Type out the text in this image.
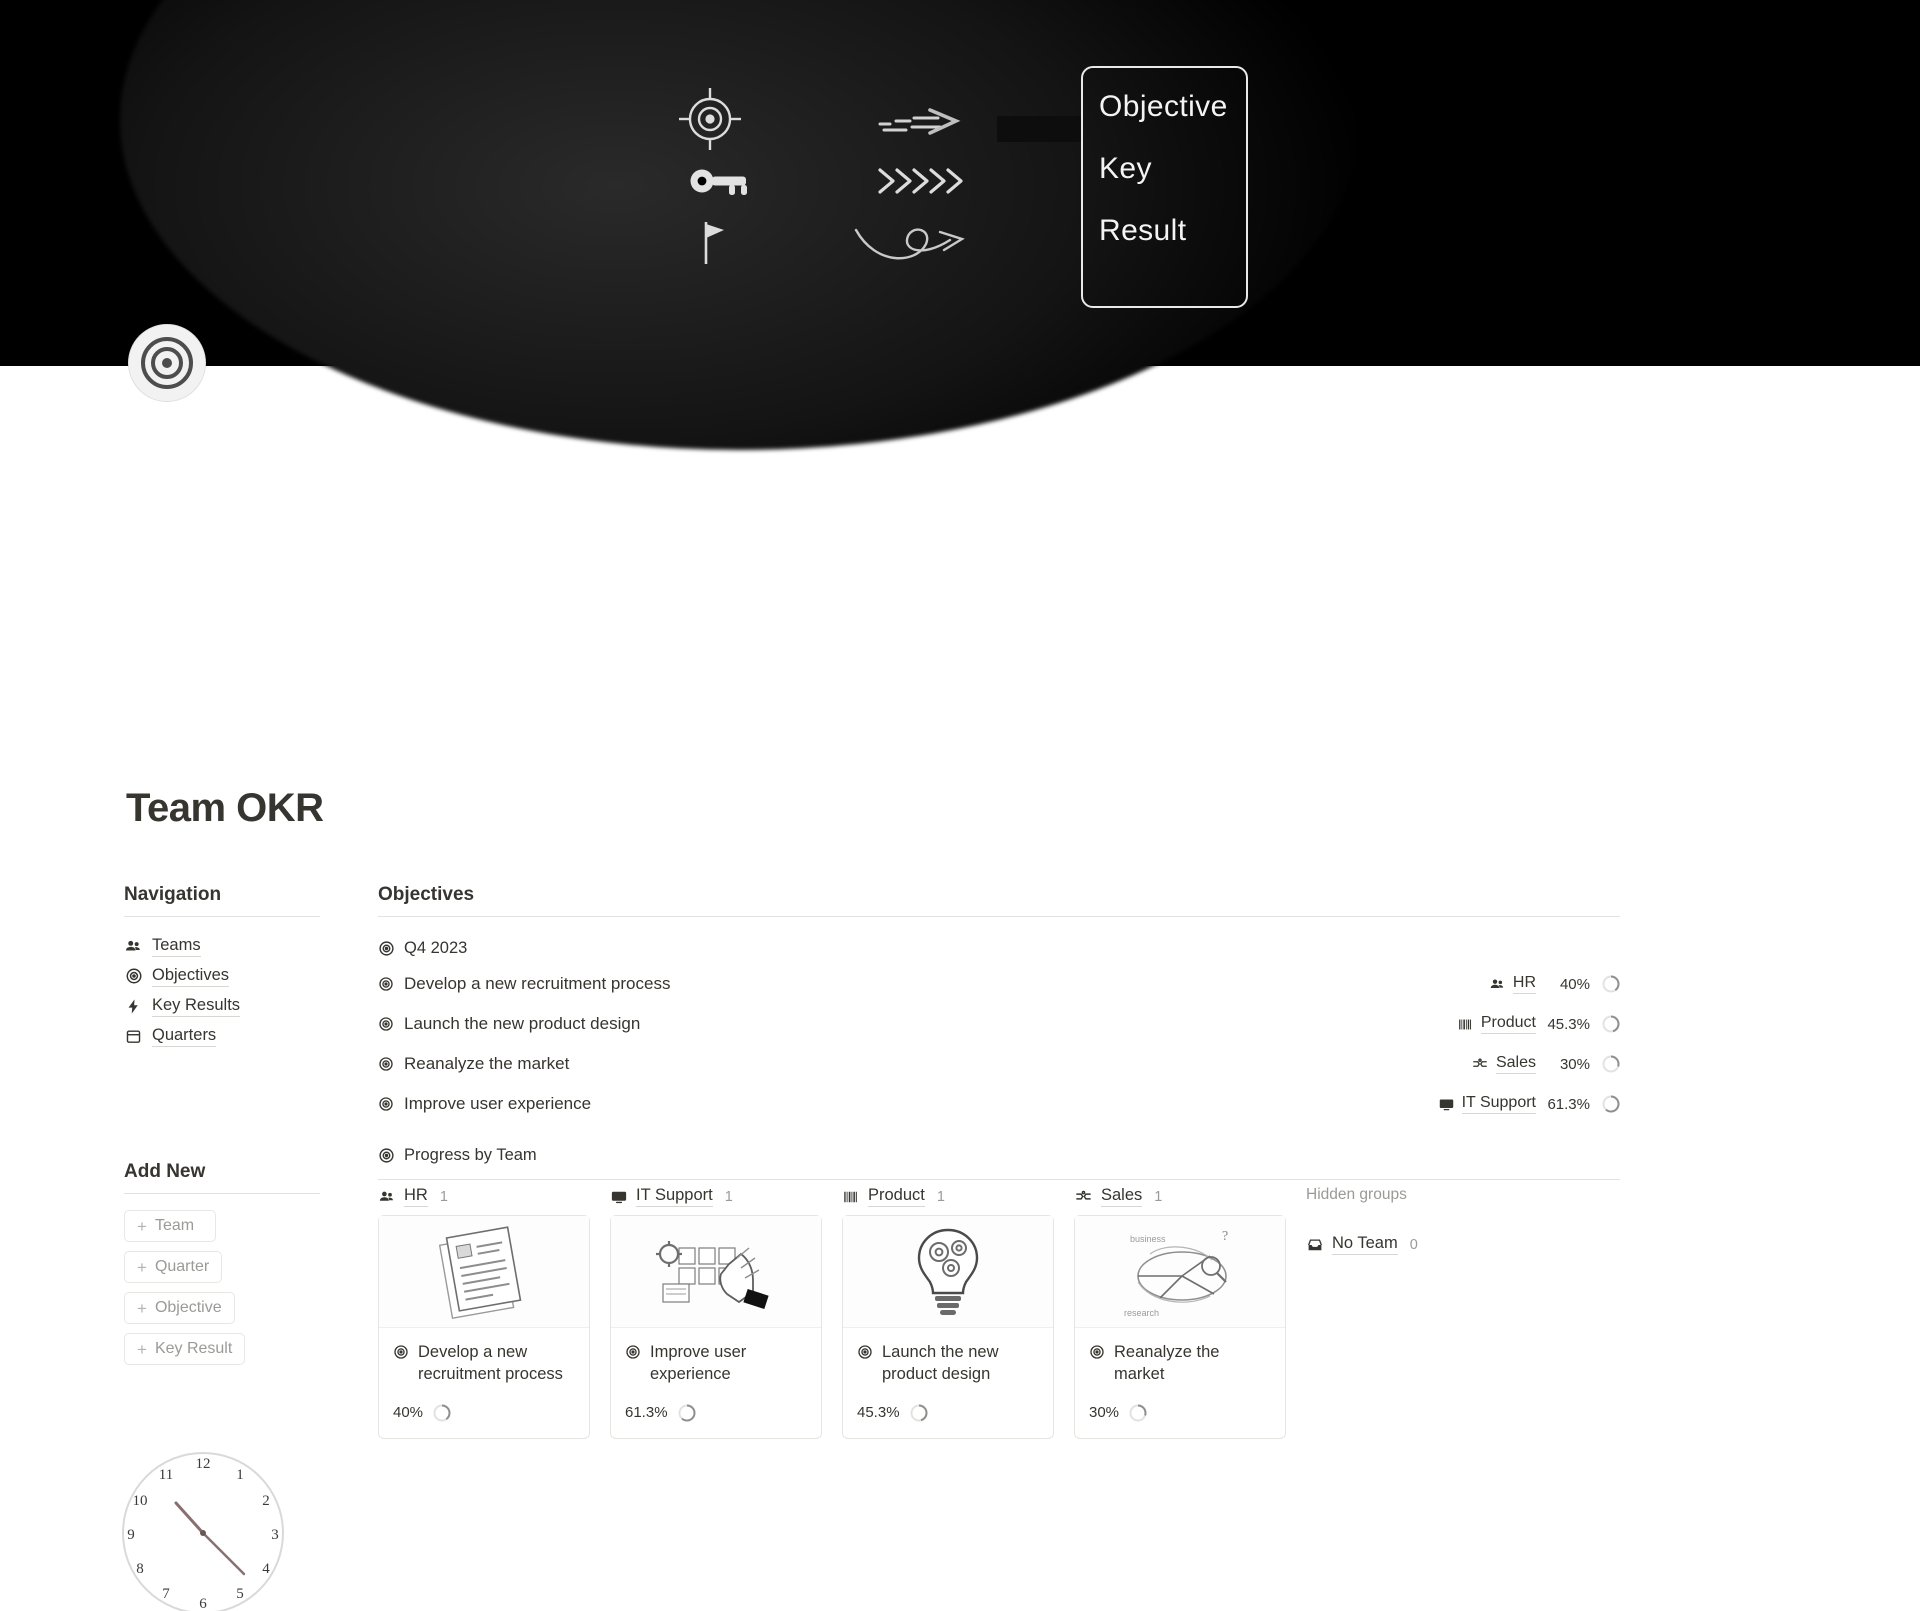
Objective
Key
Result
Team OKR
Navigation
Teams
Objectives
Key Results
Quarters
Add New
+ Team
+ Quarter
+ Objective
+ Key Result
12
1
2
3
4
5
6
7
8
9
10
11
Objectives
Q4 2023
Develop a new recruitment process	HR	40%
Launch the new product design	Product 45.3%
Reanalyze the market	Sales	30%
Improve user experience	IT Support 61.3%
Progress by Team
HR 1
Develop a new recruitment process
40%
IT Support 1
Improve user experience
61.3%
Product 1
Launch the new product design
45.3%
Sales 1
business
research
?
Reanalyze the market
30%
Hidden groups
No Team 0
